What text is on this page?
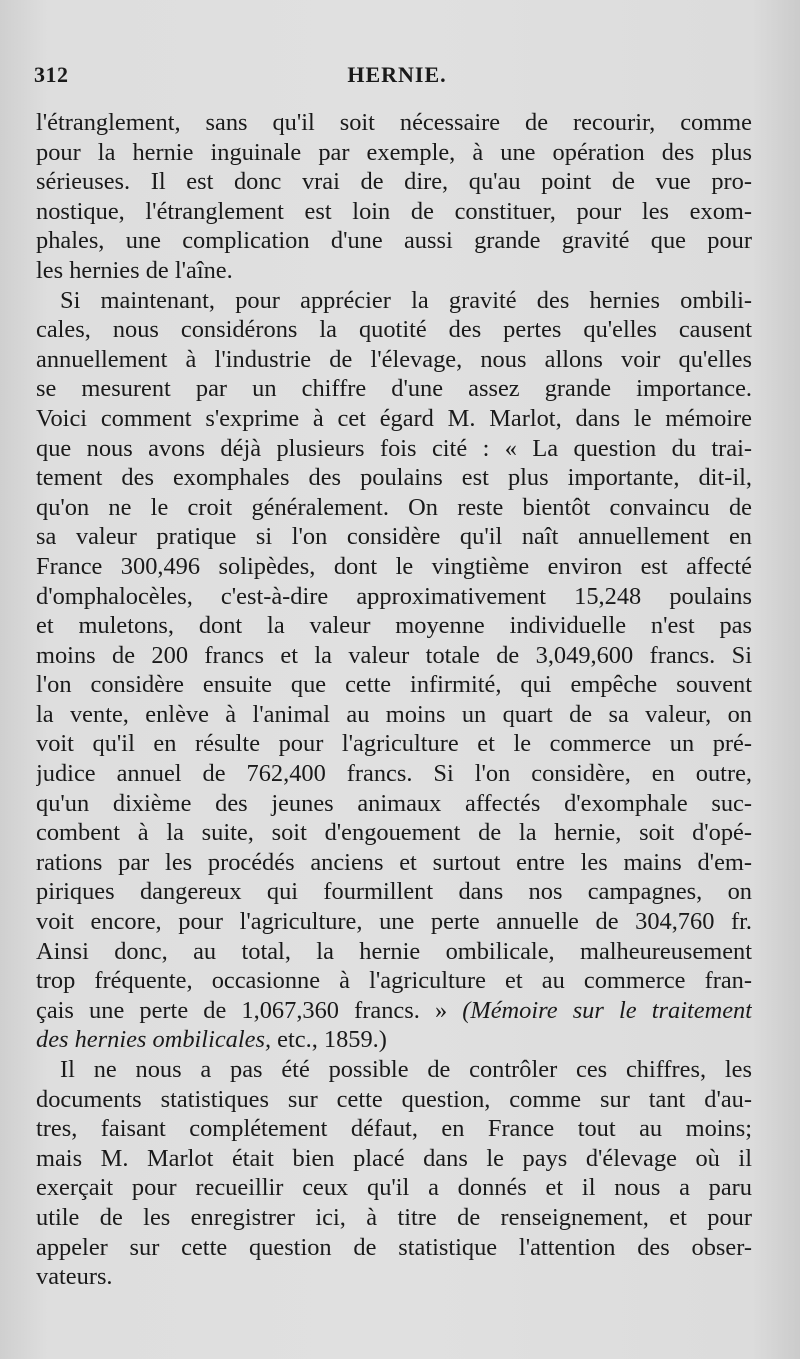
312	HERNIE.
l'étranglement, sans qu'il soit nécessaire de recourir, comme
pour la hernie inguinale par exemple, à une opération des plus
sérieuses. Il est donc vrai de dire, qu'au point de vue pro-
nostique, l'étranglement est loin de constituer, pour les exom-
phales, une complication d'une aussi grande gravité que pour
les hernies de l'aîne.
Si maintenant, pour apprécier la gravité des hernies ombili-
cales, nous considérons la quotité des pertes qu'elles causent
annuellement à l'industrie de l'élevage, nous allons voir qu'elles
se mesurent par un chiffre d'une assez grande importance.
Voici comment s'exprime à cet égard M. Marlot, dans le mémoire
que nous avons déjà plusieurs fois cité : « La question du trai-
tement des exomphales des poulains est plus importante, dit-il,
qu'on ne le croit généralement. On reste bientôt convaincu de
sa valeur pratique si l'on considère qu'il naît annuellement en
France 300,496 solipèdes, dont le vingtième environ est affecté
d'omphalocèles, c'est-à-dire approximativement 15,248 poulains
et muletons, dont la valeur moyenne individuelle n'est pas
moins de 200 francs et la valeur totale de 3,049,600 francs. Si
l'on considère ensuite que cette infirmité, qui empêche souvent
la vente, enlève à l'animal au moins un quart de sa valeur, on
voit qu'il en résulte pour l'agriculture et le commerce un pré-
judice annuel de 762,400 francs. Si l'on considère, en outre,
qu'un dixième des jeunes animaux affectés d'exomphale suc-
combent à la suite, soit d'engouement de la hernie, soit d'opé-
rations par les procédés anciens et surtout entre les mains d'em-
piriques dangereux qui fourmillent dans nos campagnes, on
voit encore, pour l'agriculture, une perte annuelle de 304,760 fr.
Ainsi donc, au total, la hernie ombilicale, malheureusement
trop fréquente, occasionne à l'agriculture et au commerce fran-
çais une perte de 1,067,360 francs. » (Mémoire sur le traitement
des hernies ombilicales, etc., 1859.)
Il ne nous a pas été possible de contrôler ces chiffres, les
documents statistiques sur cette question, comme sur tant d'au-
tres, faisant complétement défaut, en France tout au moins;
mais M. Marlot était bien placé dans le pays d'élevage où il
exerçait pour recueillir ceux qu'il a donnés et il nous a paru
utile de les enregistrer ici, à titre de renseignement, et pour
appeler sur cette question de statistique l'attention des obser-
vateurs.
